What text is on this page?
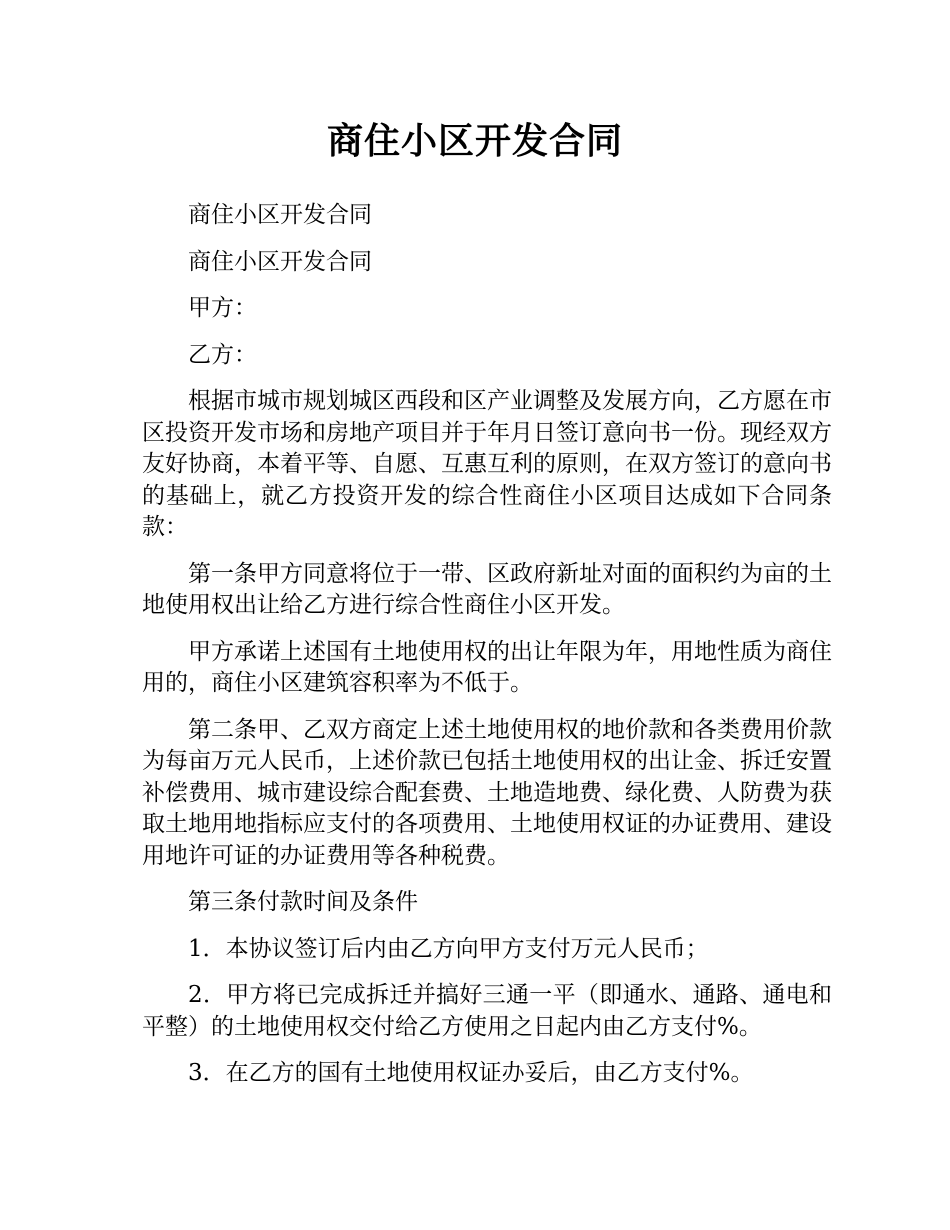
商住小区开发合同

商住小区开发合同

商住小区开发合同

甲方：

乙方：

根据市城市规划城区西段和区产业调整及发展方向，乙方愿在市区投资开发市场和房地产项目并于年月日签订意向书一份。现经双方友好协商，本着平等、自愿、互惠互利的原则，在双方签订的意向书的基础上，就乙方投资开发的综合性商住小区项目达成如下合同条款：

第一条甲方同意将位于一带、区政府新址对面的面积约为亩的土地使用权出让给乙方进行综合性商住小区开发。

甲方承诺上述国有土地使用权的出让年限为年，用地性质为商住用的，商住小区建筑容积率为不低于。

第二条甲、乙双方商定上述土地使用权的地价款和各类费用价款为每亩万元人民币，上述价款已包括土地使用权的出让金、拆迁安置补偿费用、城市建设综合配套费、土地造地费、绿化费、人防费为获取土地用地指标应支付的各项费用、土地使用权证的办证费用、建设用地许可证的办证费用等各种税费。

第三条付款时间及条件

1．本协议签订后内由乙方向甲方支付万元人民币；

2．甲方将已完成拆迁并搞好三通一平（即通水、通路、通电和平整）的土地使用权交付给乙方使用之日起内由乙方支付%。

3．在乙方的国有土地使用权证办妥后，由乙方支付%。
